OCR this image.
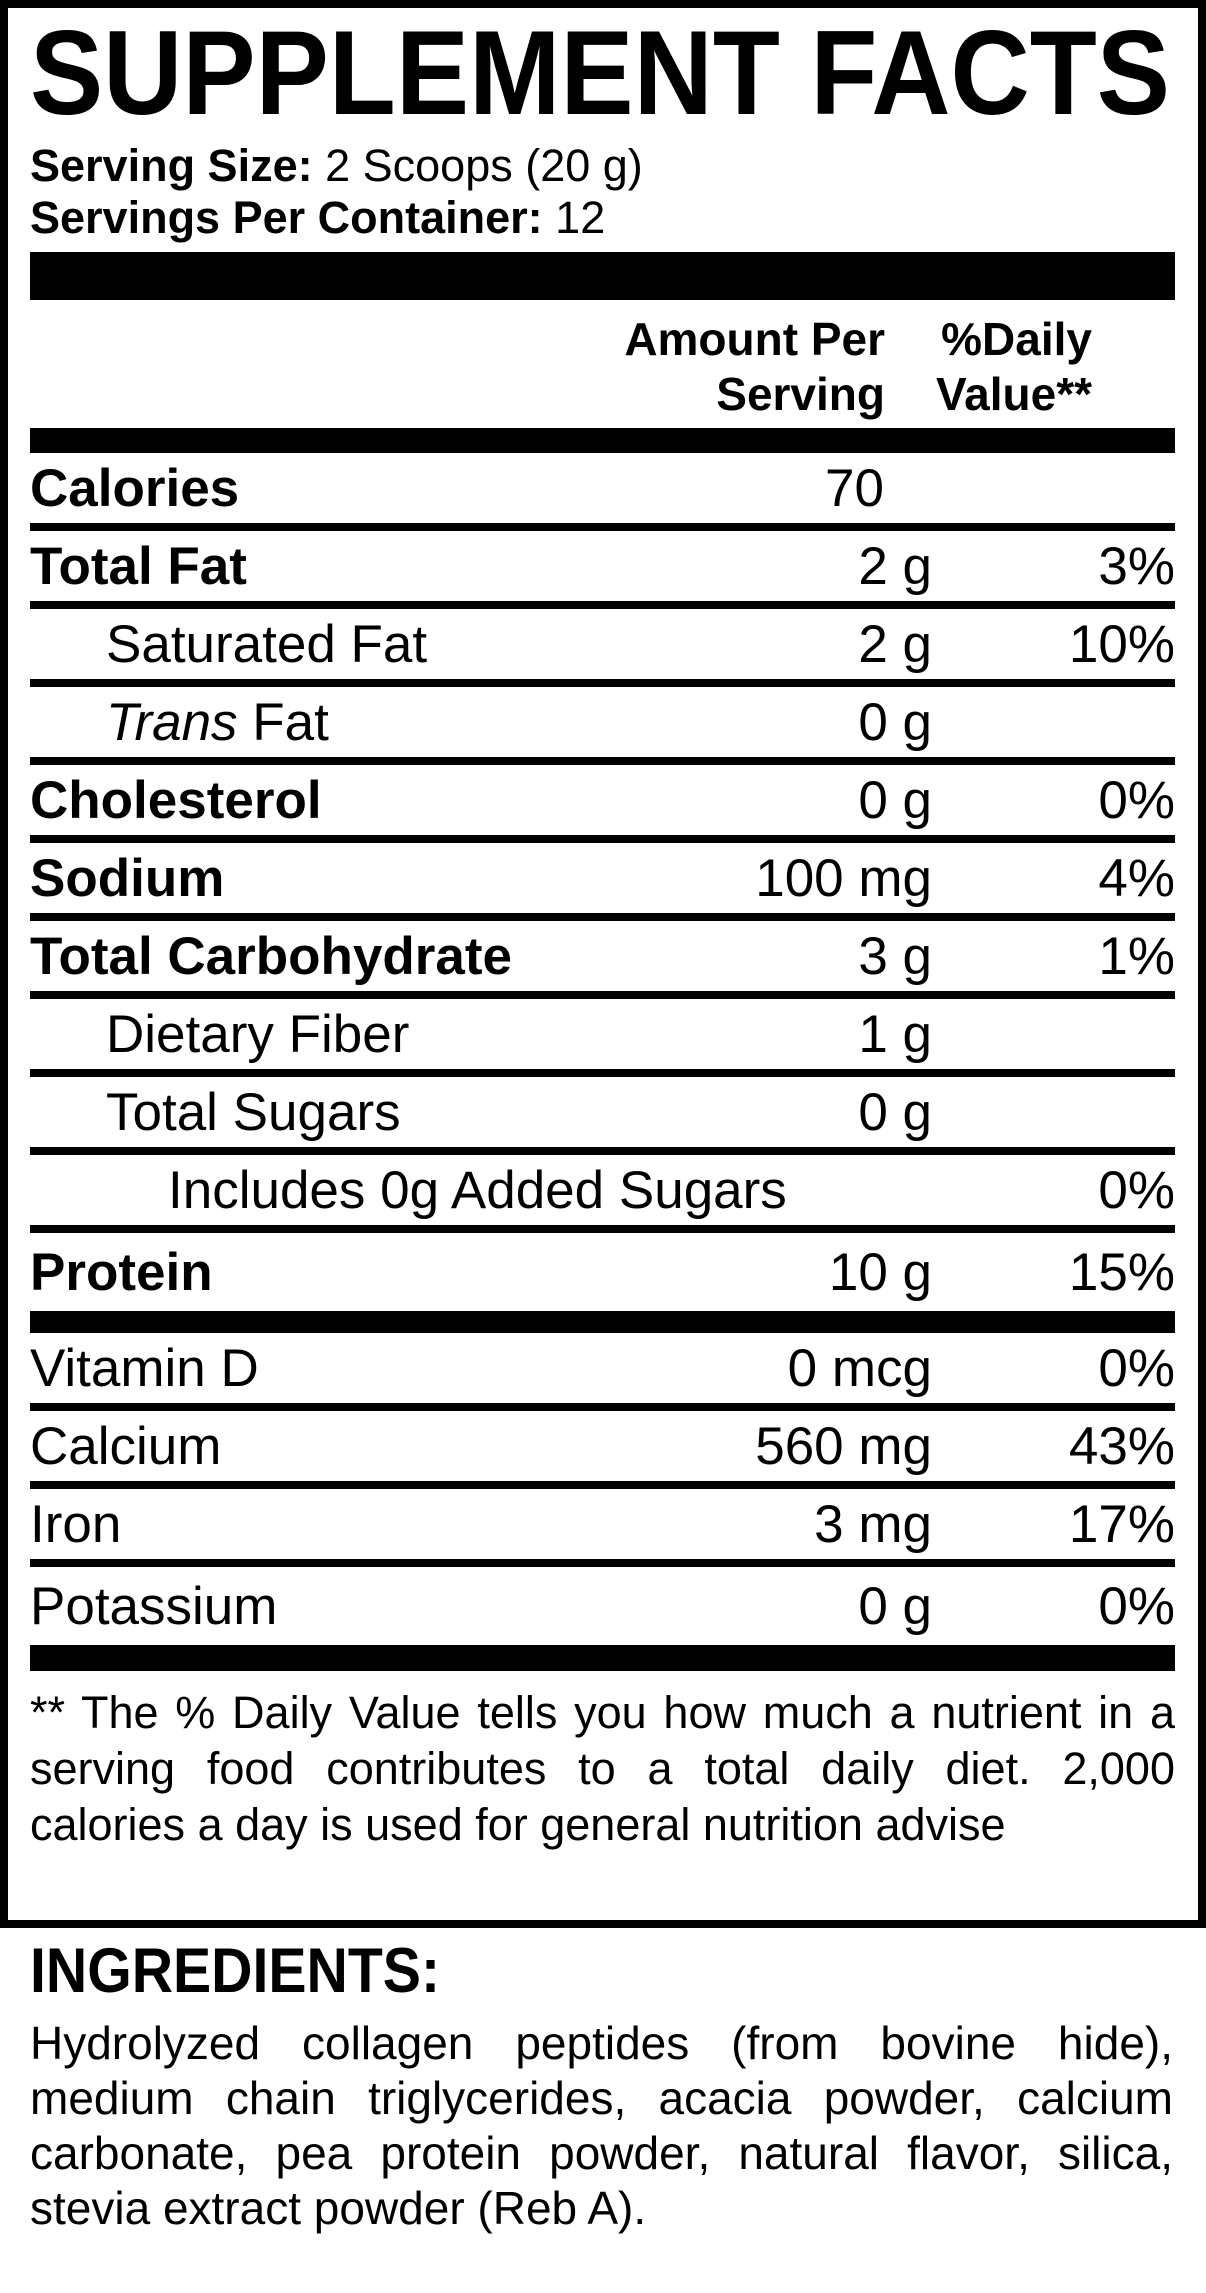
SUPPLEMENT FACTS
Serving Size: 2 Scoops (20 g)
Servings Per Container: 12
Amount Per
Serving
%Daily
Value**
Calories	70
Total Fat	2 g	3%
Saturated Fat	2 g	10%
Trans Fat	0 g
Cholesterol	0 g	0%
Sodium	100 mg	4%
Total Carbohydrate	3 g	1%
Dietary Fiber	1 g
Total Sugars	0 g
Includes 0g Added Sugars	0%
Protein	10 g	15%
Vitamin D	0 mcg	0%
Calcium	560 mg	43%
Iron	3 mg	17%
Potassium	0 g	0%
** The % Daily Value tells you how much a nutrient in a serving food contributes to a total daily diet. 2,000 calories a day is used for general nutrition advise
INGREDIENTS:

Hydrolyzed collagen peptides (from bovine hide), medium chain triglycerides, acacia powder, calcium carbonate, pea protein powder, natural flavor, silica, stevia extract powder (Reb A).
